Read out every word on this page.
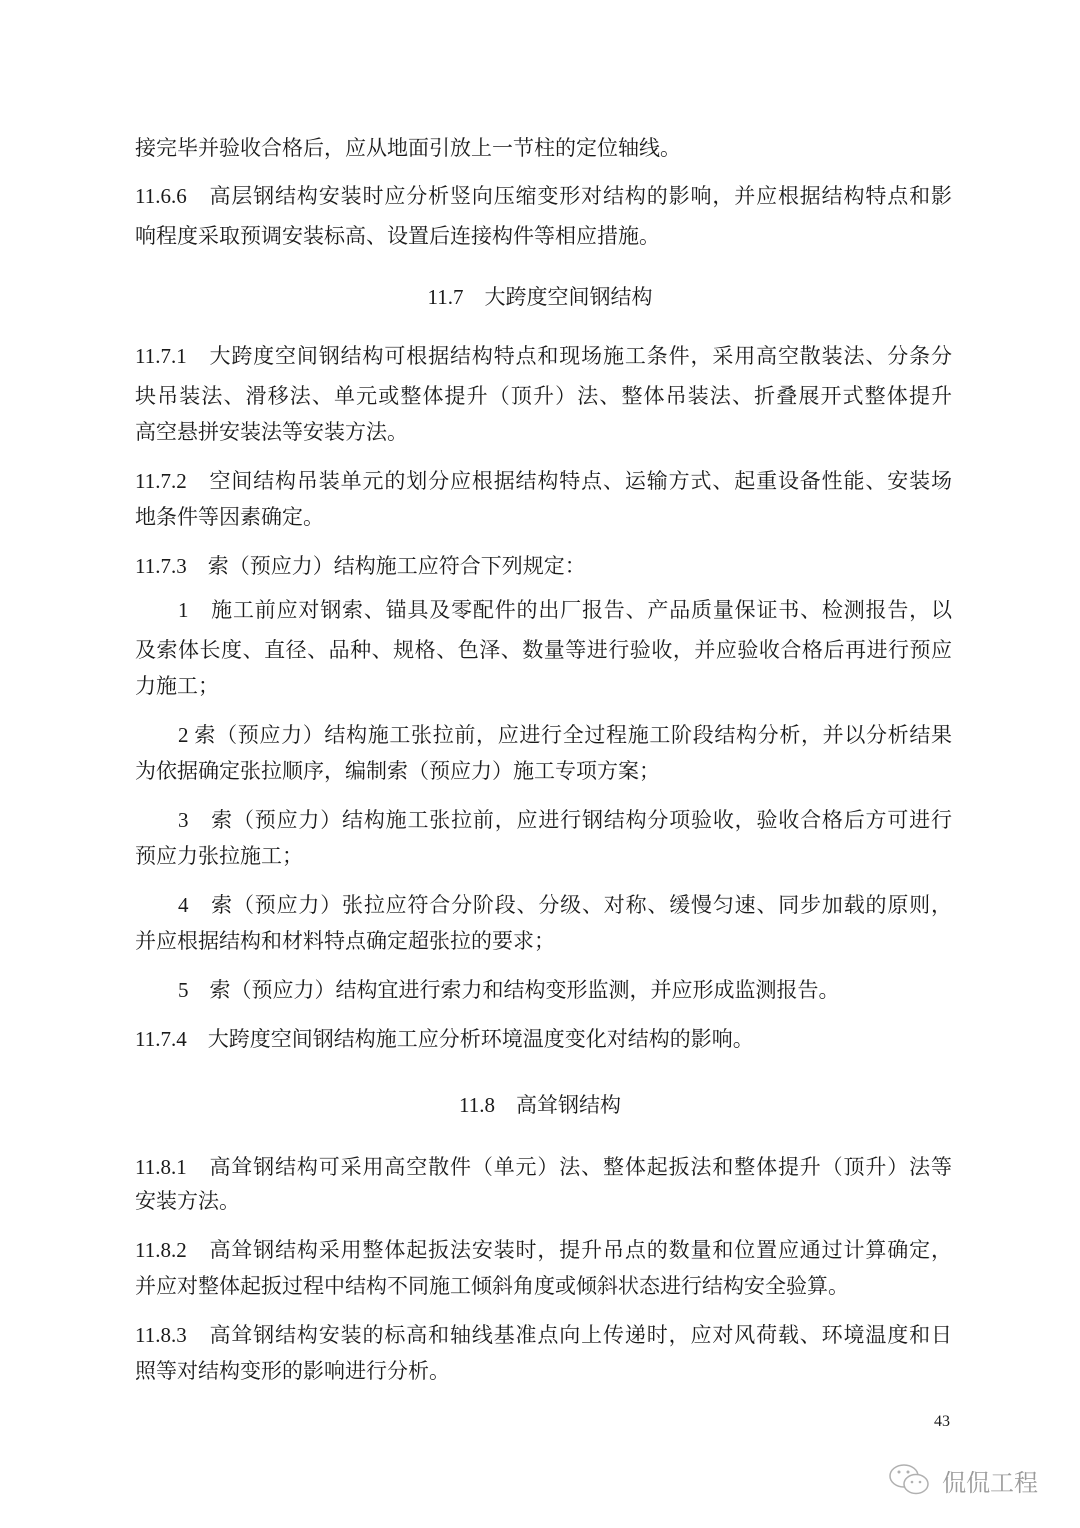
接完毕并验收合格后，应从地面引放上一节柱的定位轴线。
11.6.6　高层钢结构安装时应分析竖向压缩变形对结构的影响，并应根据结构特点和影
响程度采取预调安装标高、设置后连接构件等相应措施。
11.7　大跨度空间钢结构
11.7.1　大跨度空间钢结构可根据结构特点和现场施工条件，采用高空散装法、分条分
块吊装法、滑移法、单元或整体提升（顶升）法、整体吊装法、折叠展开式整体提升
高空悬拼安装法等安装方法。
11.7.2　空间结构吊装单元的划分应根据结构特点、运输方式、起重设备性能、安装场
地条件等因素确定。
11.7.3　索（预应力）结构施工应符合下列规定：
1　施工前应对钢索、锚具及零配件的出厂报告、产品质量保证书、检测报告，以
及索体长度、直径、品种、规格、色泽、数量等进行验收，并应验收合格后再进行预应
力施工；
2 索（预应力）结构施工张拉前，应进行全过程施工阶段结构分析，并以分析结果
为依据确定张拉顺序，编制索（预应力）施工专项方案；
3　索（预应力）结构施工张拉前，应进行钢结构分项验收，验收合格后方可进行
预应力张拉施工；
4　索（预应力）张拉应符合分阶段、分级、对称、缓慢匀速、同步加载的原则，
并应根据结构和材料特点确定超张拉的要求；
5　索（预应力）结构宜进行索力和结构变形监测，并应形成监测报告。
11.7.4　大跨度空间钢结构施工应分析环境温度变化对结构的影响。
11.8　高耸钢结构
11.8.1　高耸钢结构可采用高空散件（单元）法、整体起扳法和整体提升（顶升）法等
安装方法。
11.8.2　高耸钢结构采用整体起扳法安装时，提升吊点的数量和位置应通过计算确定，
并应对整体起扳过程中结构不同施工倾斜角度或倾斜状态进行结构安全验算。
11.8.3　高耸钢结构安装的标高和轴线基准点向上传递时，应对风荷载、环境温度和日
照等对结构变形的影响进行分析。
43
侃侃工程
